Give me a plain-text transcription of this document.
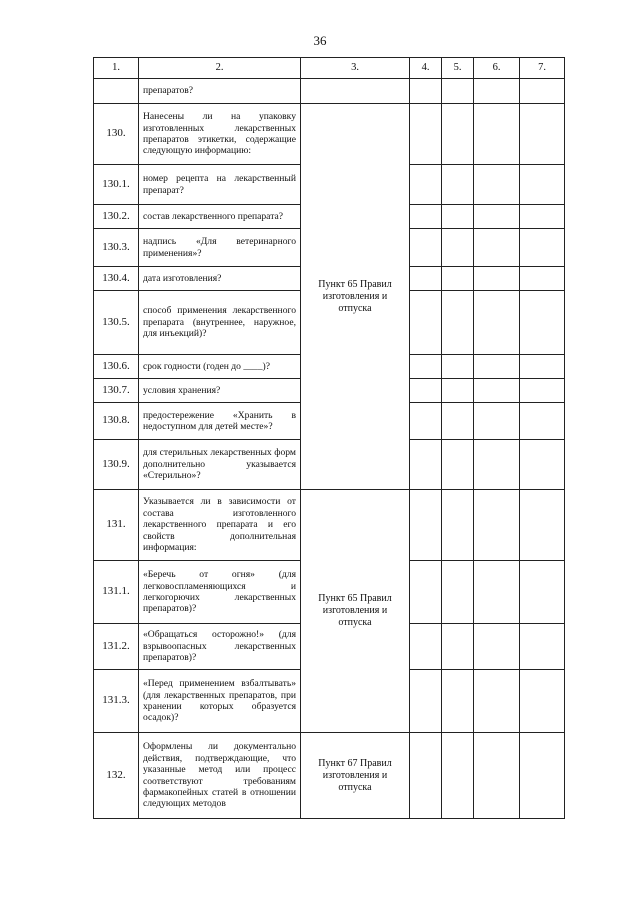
36
1.	2.	3.	4.	5.	6.	7.
	препаратов?					
130.	Нанесены ли на упаковку изготовленных лекарственных препаратов этикетки, содержащие следующую информацию:	Пункт 65 Правил изготовления и отпуска				
130.1.	номер рецепта на лекарственный препарат?					
130.2.	состав лекарственного препарата?					
130.3.	надпись «Для ветеринарного применения»?					
130.4.	дата изготовления?					
130.5.	способ применения лекарственного препарата (внутреннее, наружное, для инъекций)?					
130.6.	срок годности (годен до ____)?					
130.7.	условия хранения?					
130.8.	предостережение «Хранить в недоступном для детей месте»?					
130.9.	для стерильных лекарственных форм дополнительно указывается «Стерильно»?					
131.	Указывается ли в зависимости от состава изготовленного лекарственного препарата и его свойств дополнительная информация:	Пункт 65 Правил изготовления и отпуска				
131.1.	«Беречь от огня» (для легковоспламеняющихся и легкогорючих лекарственных препаратов)?					
131.2.	«Обращаться осторожно!» (для взрывоопасных лекарственных препаратов)?					
131.3.	«Перед применением взбалтывать» (для лекарственных препаратов, при хранении которых образуется осадок)?					
132.	Оформлены ли документально действия, подтверждающие, что указанные метод или процесс соответствуют требованиям фармакопейных статей в отношении следующих методов	Пункт 67 Правил изготовления и отпуска				
